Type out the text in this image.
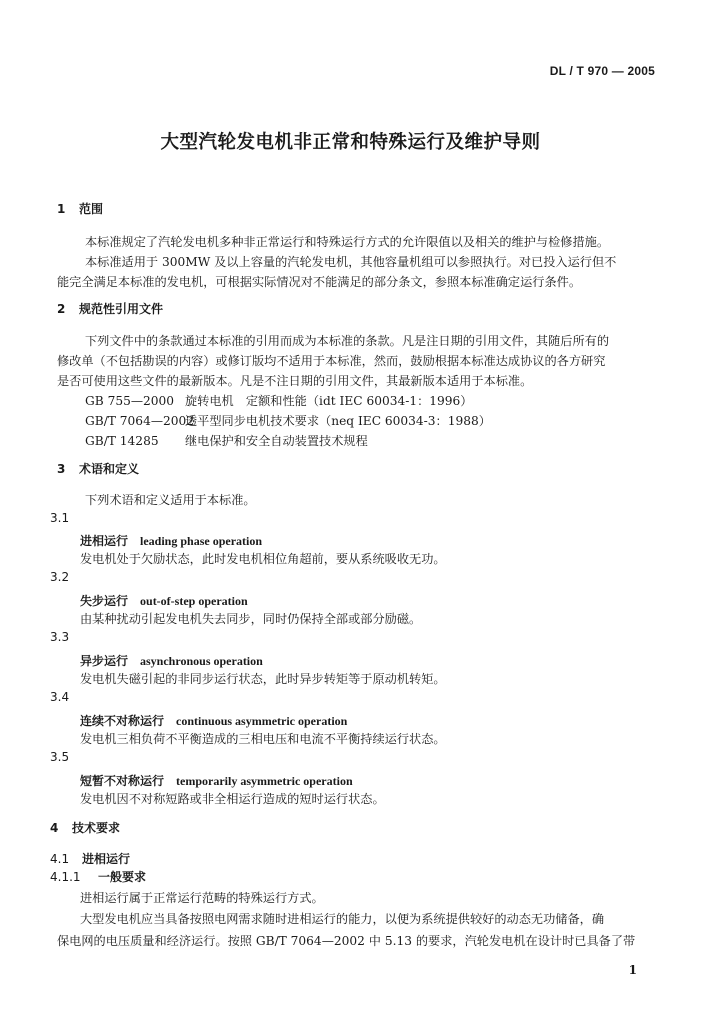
DL / T 970 — 2005
大型汽轮发电机非正常和特殊运行及维护导则
1 范围
本标准规定了汽轮发电机多种非正常运行和特殊运行方式的允许限值以及相关的维护与检修措施。
本标准适用于 300MW 及以上容量的汽轮发电机，其他容量机组可以参照执行。对已投入运行但不
能完全满足本标准的发电机，可根据实际情况对不能满足的部分条文，参照本标准确定运行条件。
2 规范性引用文件
下列文件中的条款通过本标准的引用而成为本标准的条款。凡是注日期的引用文件，其随后所有的
修改单（不包括勘误的内容）或修订版均不适用于本标准，然而，鼓励根据本标准达成协议的各方研究
是否可使用这些文件的最新版本。凡是不注日期的引用文件，其最新版本适用于本标准。
GB 755—2000 旋转电机　定额和性能（idt IEC 60034-1：1996）
GB/T 7064—2002透平型同步电机技术要求（neq IEC 60034-3：1988）
GB/T 14285 继电保护和安全自动装置技术规程
3 术语和定义
下列术语和定义适用于本标准。
3.1
进相运行 leading phase operation
发电机处于欠励状态，此时发电机相位角超前，要从系统吸收无功。
3.2
失步运行 out-of-step operation
由某种扰动引起发电机失去同步，同时仍保持全部或部分励磁。
3.3
异步运行 asynchronous operation
发电机失磁引起的非同步运行状态，此时异步转矩等于原动机转矩。
3.4
连续不对称运行 continuous asymmetric operation
发电机三相负荷不平衡造成的三相电压和电流不平衡持续运行状态。
3.5
短暂不对称运行 temporarily asymmetric operation
发电机因不对称短路或非全相运行造成的短时运行状态。
4 技术要求
4.1 进相运行
4.1.1 一般要求
进相运行属于正常运行范畴的特殊运行方式。
大型发电机应当具备按照电网需求随时进相运行的能力，以便为系统提供较好的动态无功储备，确
保电网的电压质量和经济运行。按照 GB/T 7064—2002 中 5.13 的要求，汽轮发电机在设计时已具备了带
1
